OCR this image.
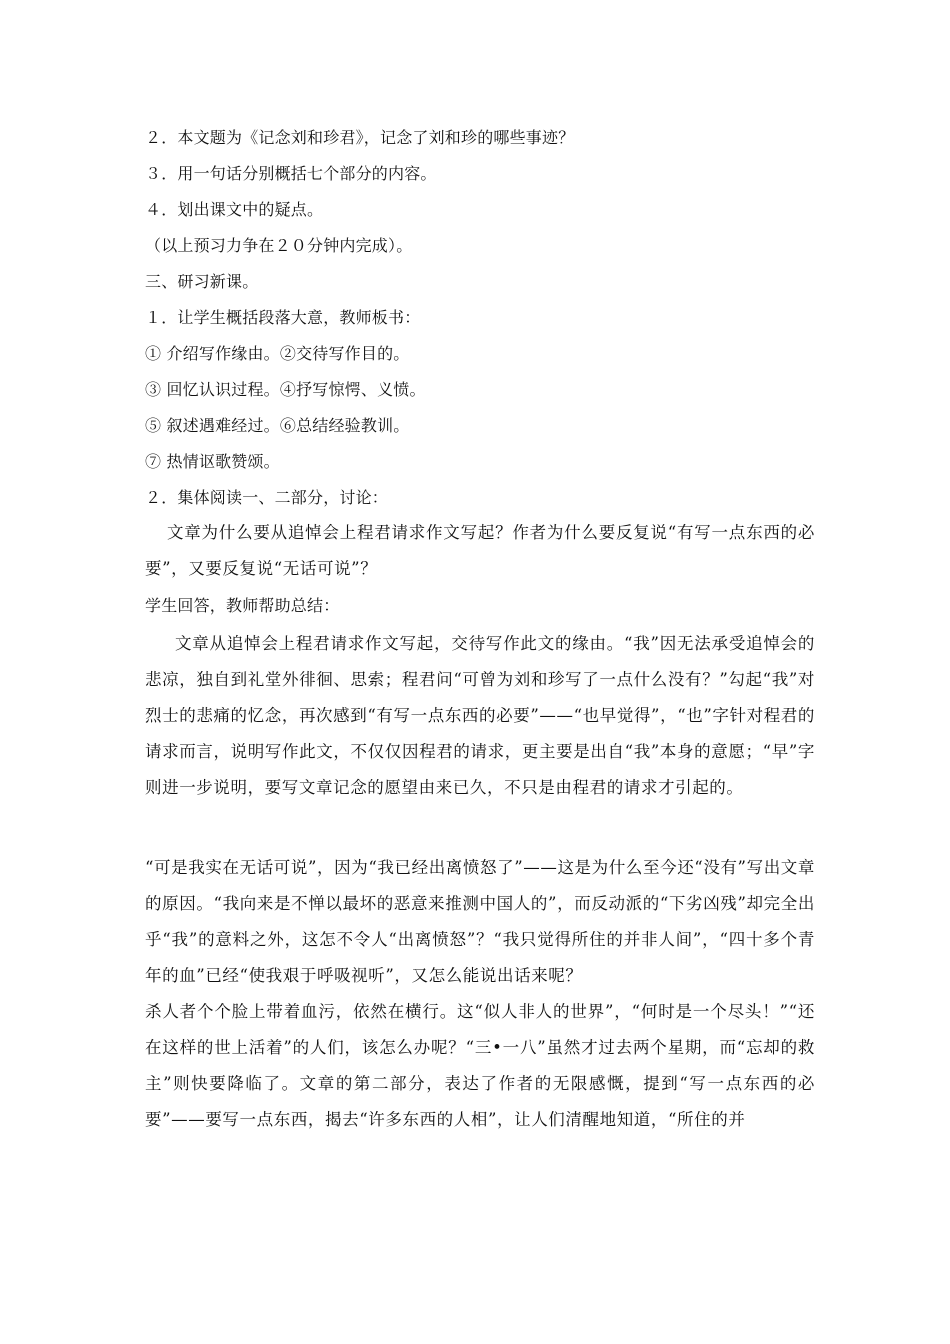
２．本文题为《记念刘和珍君》，记念了刘和珍的哪些事迹？
３．用一句话分别概括七个部分的内容。
４．划出课文中的疑点。
（以上预习力争在２０分钟内完成）。
三、研习新课。
１．让学生概括段落大意，教师板书：
① 介绍写作缘由。②交待写作目的。
③ 回忆认识过程。④抒写惊愕、义愤。
⑤ 叙述遇难经过。⑥总结经验教训。
⑦ 热情讴歌赞颂。
２．集体阅读一、二部分，讨论：
文章为什么要从追悼会上程君请求作文写起？作者为什么要反复说“有写一点东西的必要”，又要反复说“无话可说”？
学生回答，教师帮助总结：
文章从追悼会上程君请求作文写起，交待写作此文的缘由。“我”因无法承受追悼会的悲凉，独自到礼堂外徘徊、思索；程君问“可曾为刘和珍写了一点什么没有？”勾起“我”对烈士的悲痛的忆念，再次感到“有写一点东西的必要”——“也早觉得”，“也”字针对程君的请求而言，说明写作此文，不仅仅因程君的请求，更主要是出自“我”本身的意愿；“早”字则进一步说明，要写文章记念的愿望由来已久，不只是由程君的请求才引起的。
“可是我实在无话可说”，因为“我已经出离愤怒了”——这是为什么至今还“没有”写出文章的原因。“我向来是不惮以最坏的恶意来推测中国人的”，而反动派的“下劣凶残”却完全出乎“我”的意料之外，这怎不令人“出离愤怒”？“我只觉得所住的并非人间”，“四十多个青年的血”已经“使我艰于呼吸视听”，又怎么能说出话来呢？
杀人者个个脸上带着血污，依然在横行。这“似人非人的世界”，“何时是一个尽头！”“还在这样的世上活着”的人们，该怎么办呢？“三•一八”虽然才过去两个星期，而“忘却的救主”则快要降临了。文章的第二部分，表达了作者的无限感慨，提到“写一点东西的必要”——要写一点东西，揭去“许多东西的人相”，让人们清醒地知道，“所住的并
